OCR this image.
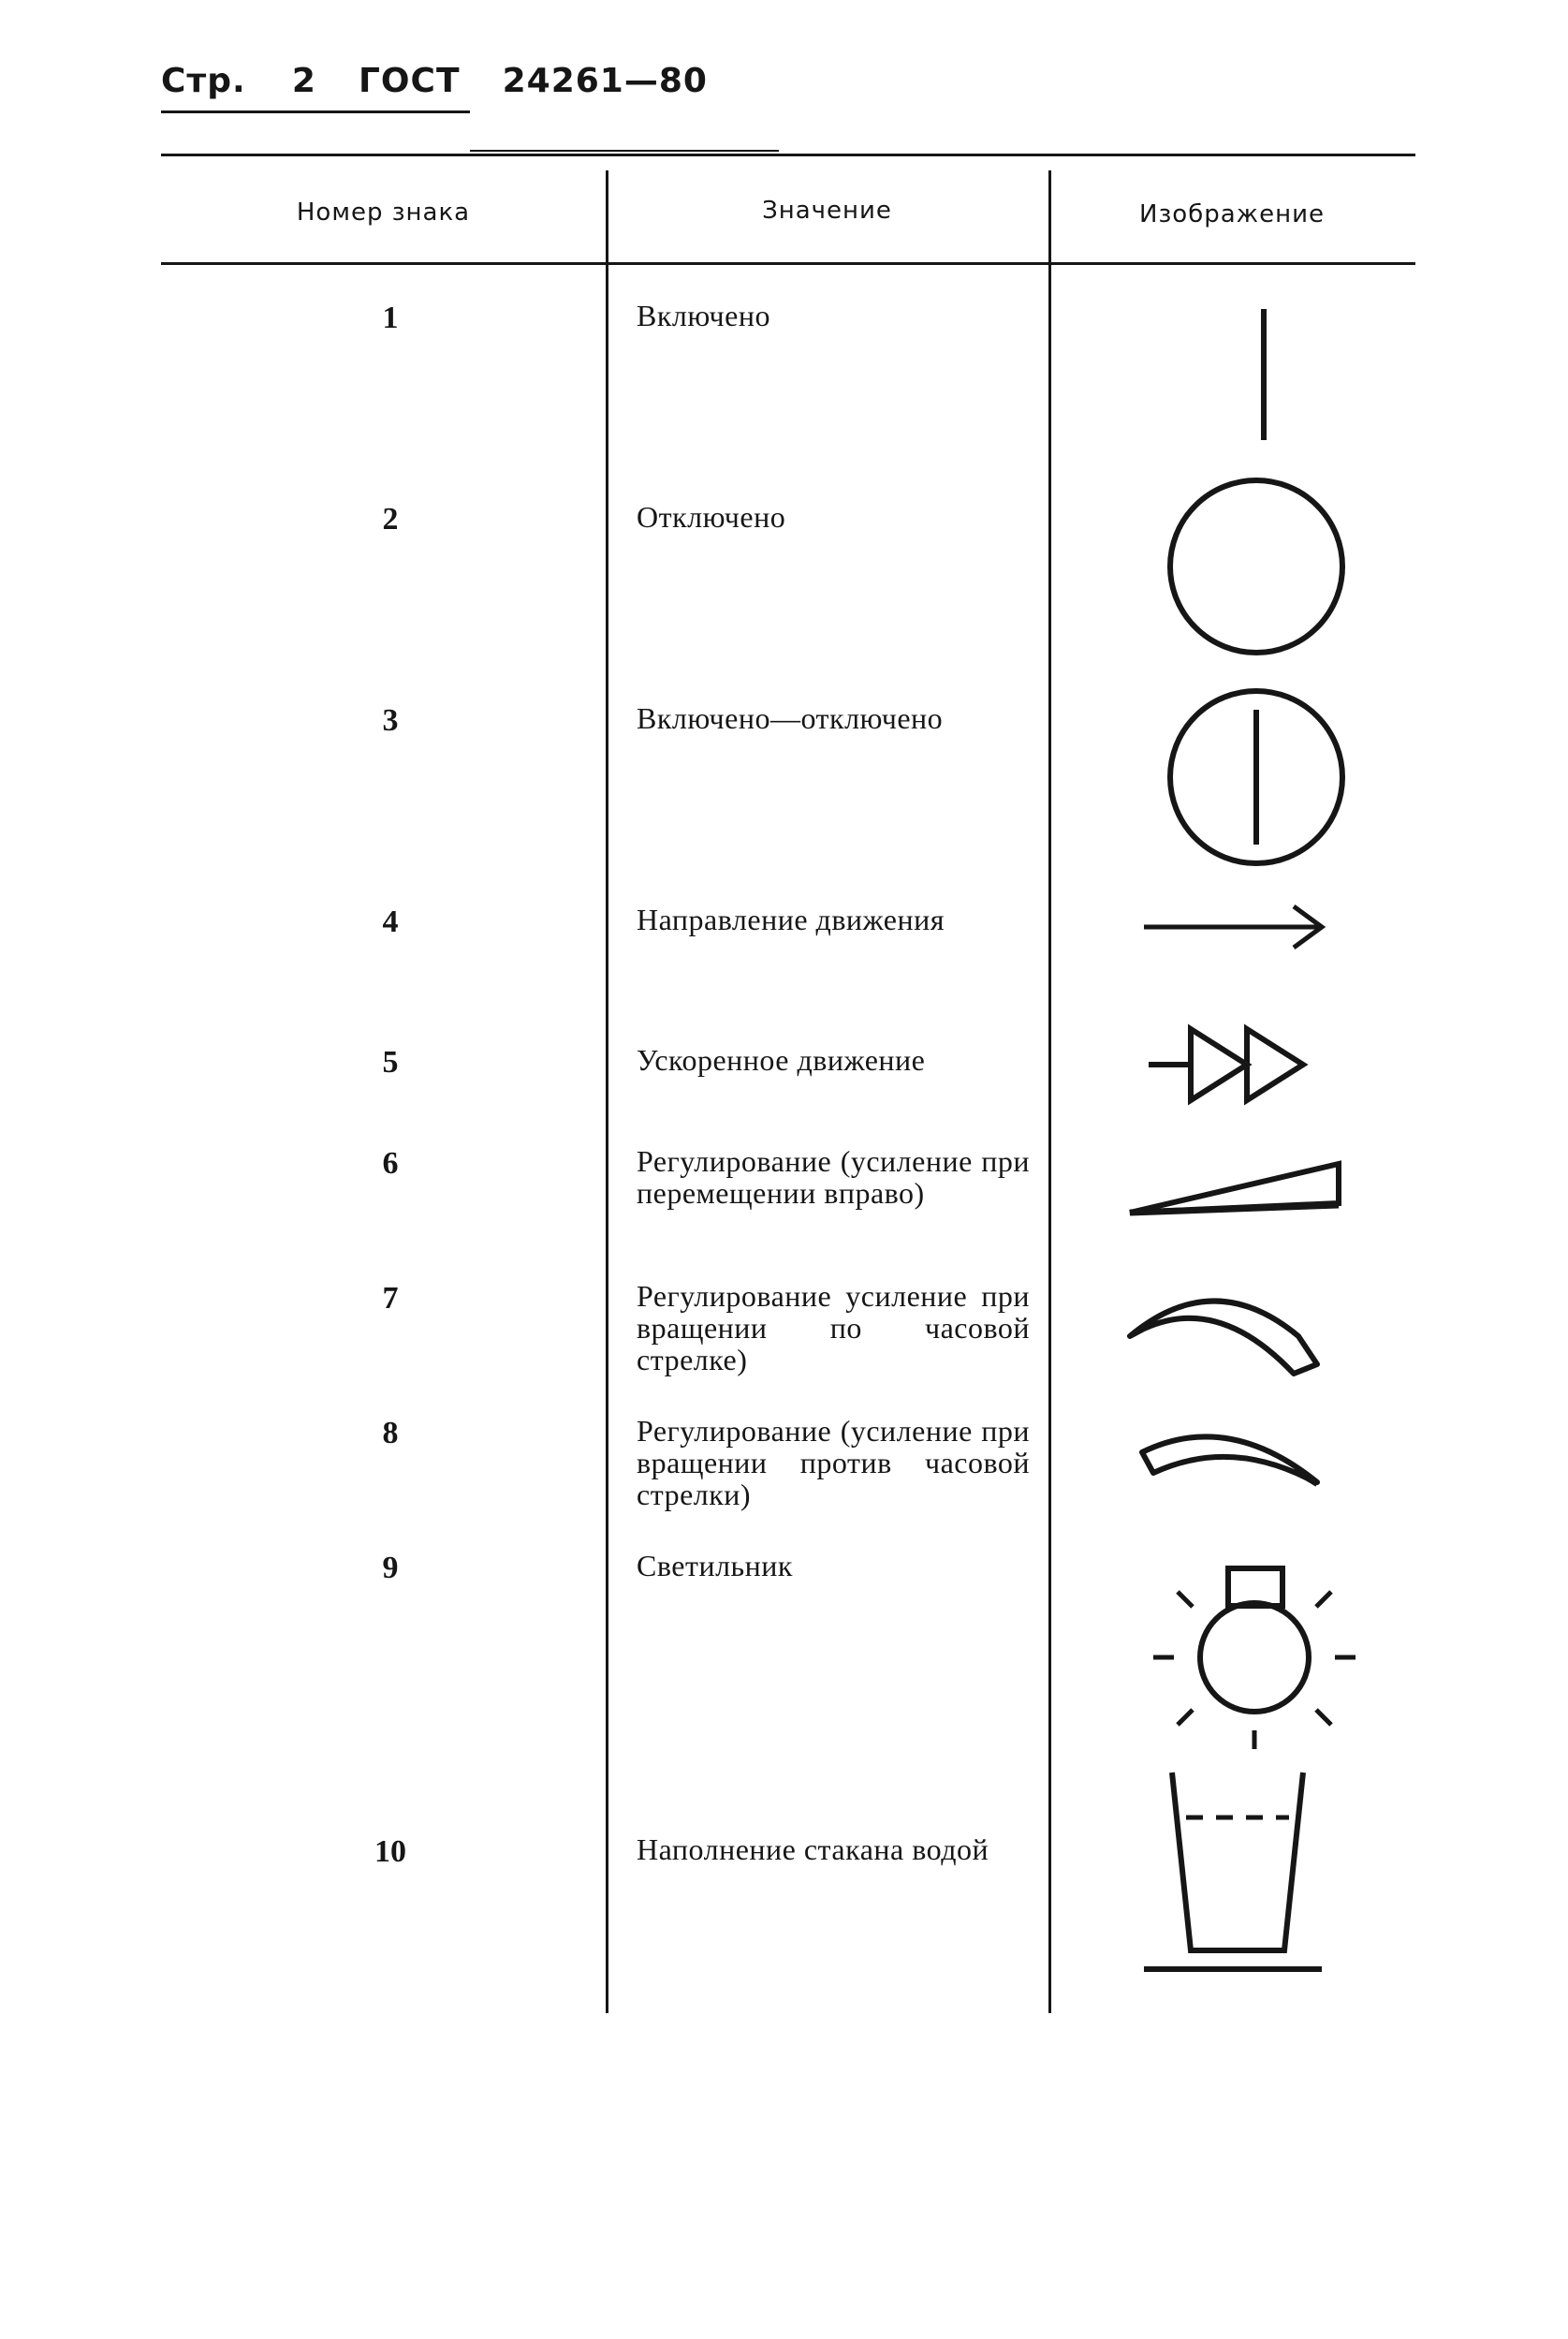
Стр. 2 ГОСТ 24261—80
Номер знака	Значение	Изображение
1	Включено
2	Отключено
3	Включено—отключено
4	Направление движения
5	Ускоренное движение
6	Регулирование (усиление при перемещении вправо)
7	Регулирование усиление при вращении по часовой стрелке)
8	Регулирование (усиление при вращении против часовой стрелки)
9	Светильник
10	Наполнение стакана водой
